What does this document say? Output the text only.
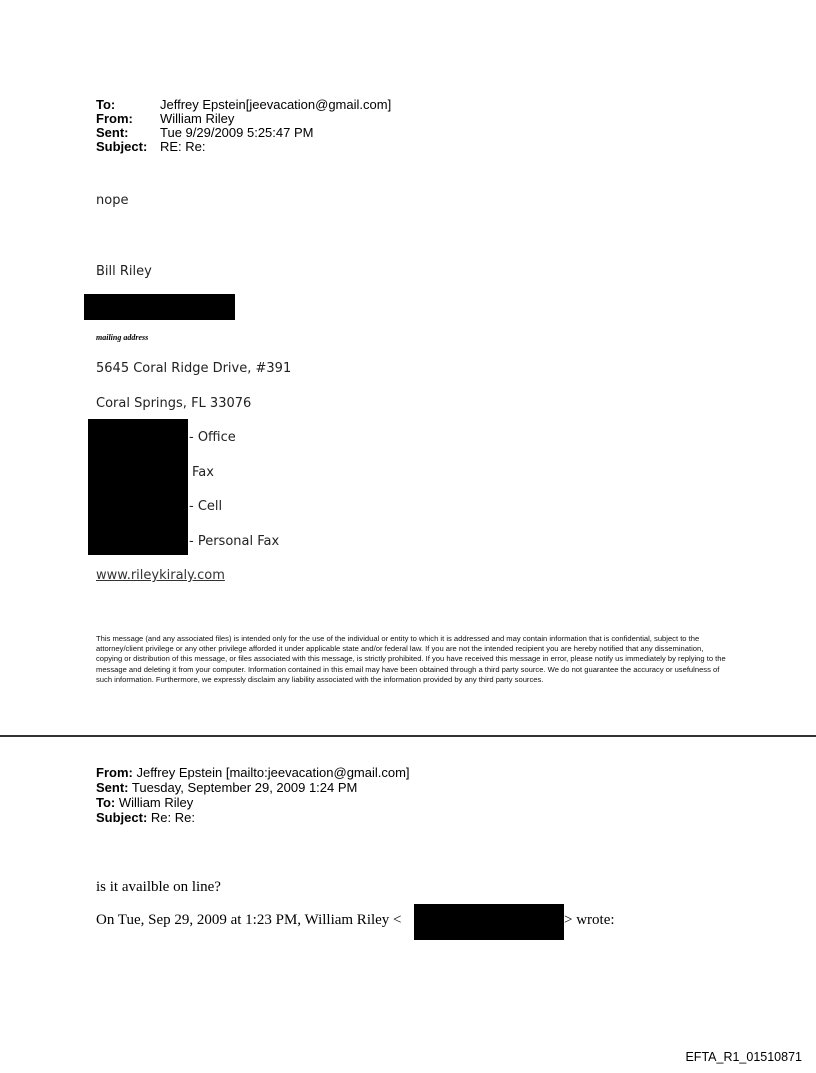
To:	Jeffrey Epstein[jeevacation@gmail.com]
From: William Riley
Sent: Tue 9/29/2009 5:25:47 PM
Subject: RE: Re:
nope
Bill Riley
mailing address
5645 Coral Ridge Drive, #391
Coral Springs, FL 33076
- Office
Fax
- Cell
- Personal Fax
www.rileykiraly.com
This message (and any associated files) is intended only for the use of the individual or entity to which it is addressed and may contain information that is confidential, subject to the attorney/client privilege or any other privilege afforded it under applicable state and/or federal law. If you are not the intended recipient you are hereby notified that any dissemination, copying or distribution of this message, or files associated with this message, is strictly prohibited. If you have received this message in error, please notify us immediately by replying to the message and deleting it from your computer. Information contained in this email may have been obtained through a third party source. We do not guarantee the accuracy or usefulness of such information. Furthermore, we expressly disclaim any liability associated with the information provided by any third party sources.
From: Jeffrey Epstein [mailto:jeevacation@gmail.com]
Sent: Tuesday, September 29, 2009 1:24 PM
To: William Riley
Subject: Re: Re:
is it availble on line?
On Tue, Sep 29, 2009 at 1:23 PM, William Riley <	> wrote:
EFTA_R1_01510871
